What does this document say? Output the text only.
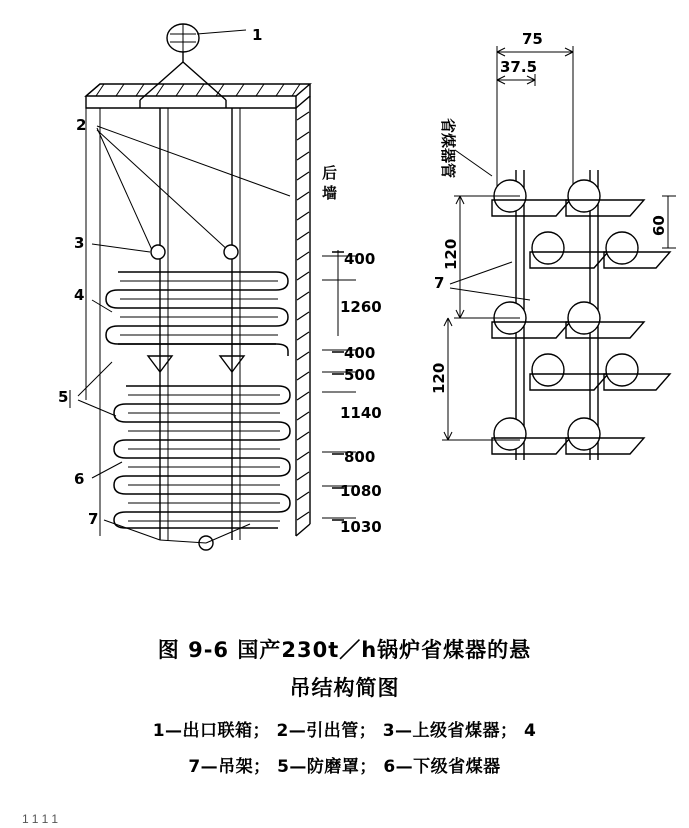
1
后
墙
2
3
4
5
6
7
400
1260
400
500
1140
800
1080
1030
75
37.5
省煤器管
120
120
60
7
图 9-6 国产230t／h锅炉省煤器的悬
吊结构简图
1—出口联箱； 2—引出管； 3—上级省煤器； 4
7—吊架； 5—防磨罩； 6—下级省煤器
1111
